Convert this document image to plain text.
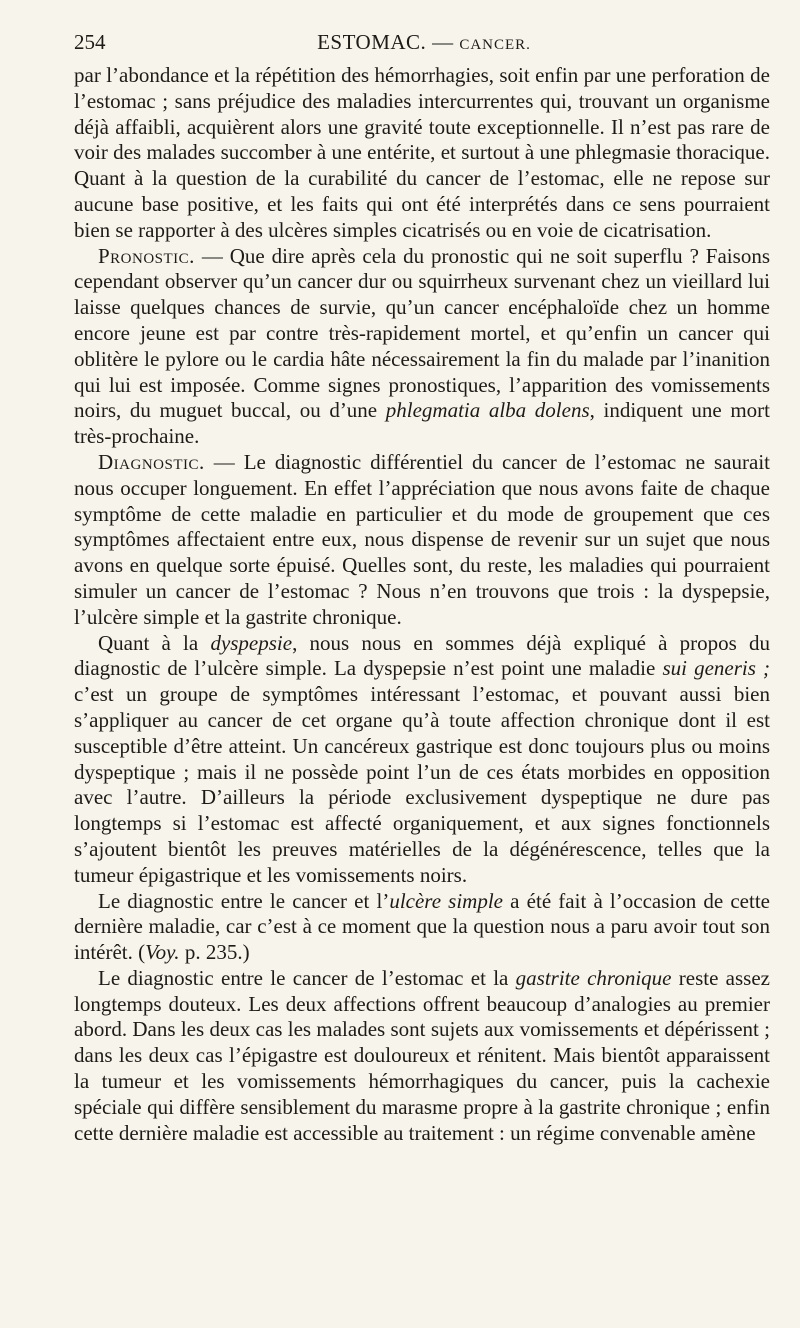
254	ESTOMAC. — CANCER.

par l’abondance et la répétition des hémorrhagies, soit enfin par une perforation de l’estomac ; sans préjudice des maladies intercurrentes qui, trouvant un organisme déjà affaibli, acquièrent alors une gravité toute exceptionnelle. Il n’est pas rare de voir des malades succomber à une entérite, et surtout à une phlegmasie thoracique. Quant à la question de la curabilité du cancer de l’estomac, elle ne repose sur aucune base positive, et les faits qui ont été interprétés dans ce sens pourraient bien se rapporter à des ulcères simples cicatrisés ou en voie de cicatrisation.

Pronostic. — Que dire après cela du pronostic qui ne soit superflu ? Faisons cependant observer qu’un cancer dur ou squirrheux survenant chez un vieillard lui laisse quelques chances de survie, qu’un cancer encéphaloïde chez un homme encore jeune est par contre très-rapidement mortel, et qu’enfin un cancer qui oblitère le pylore ou le cardia hâte nécessairement la fin du malade par l’inanition qui lui est imposée. Comme signes pronostiques, l’apparition des vomissements noirs, du muguet buccal, ou d’une phlegmatia alba dolens, indiquent une mort très-prochaine.

Diagnostic. — Le diagnostic différentiel du cancer de l’estomac ne saurait nous occuper longuement. En effet l’appréciation que nous avons faite de chaque symptôme de cette maladie en particulier et du mode de groupement que ces symptômes affectaient entre eux, nous dispense de revenir sur un sujet que nous avons en quelque sorte épuisé. Quelles sont, du reste, les maladies qui pourraient simuler un cancer de l’estomac ? Nous n’en trouvons que trois : la dyspepsie, l’ulcère simple et la gastrite chronique.

Quant à la dyspepsie, nous nous en sommes déjà expliqué à propos du diagnostic de l’ulcère simple. La dyspepsie n’est point une maladie sui generis ; c’est un groupe de symptômes intéressant l’estomac, et pouvant aussi bien s’appliquer au cancer de cet organe qu’à toute affection chronique dont il est susceptible d’être atteint. Un cancéreux gastrique est donc toujours plus ou moins dyspeptique ; mais il ne possède point l’un de ces états morbides en opposition avec l’autre. D’ailleurs la période exclusivement dyspeptique ne dure pas longtemps si l’estomac est affecté organiquement, et aux signes fonctionnels s’ajoutent bientôt les preuves matérielles de la dégénérescence, telles que la tumeur épigastrique et les vomissements noirs.

Le diagnostic entre le cancer et l’ulcère simple a été fait à l’occasion de cette dernière maladie, car c’est à ce moment que la question nous a paru avoir tout son intérêt. (Voy. p. 235.)

Le diagnostic entre le cancer de l’estomac et la gastrite chronique reste assez longtemps douteux. Les deux affections offrent beaucoup d’analogies au premier abord. Dans les deux cas les malades sont sujets aux vomissements et dépérissent ; dans les deux cas l’épigastre est douloureux et rénitent. Mais bientôt apparaissent la tumeur et les vomissements hémorrhagiques du cancer, puis la cachexie spéciale qui diffère sensiblement du marasme propre à la gastrite chronique ; enfin cette dernière maladie est accessible au traitement : un régime convenable amène
